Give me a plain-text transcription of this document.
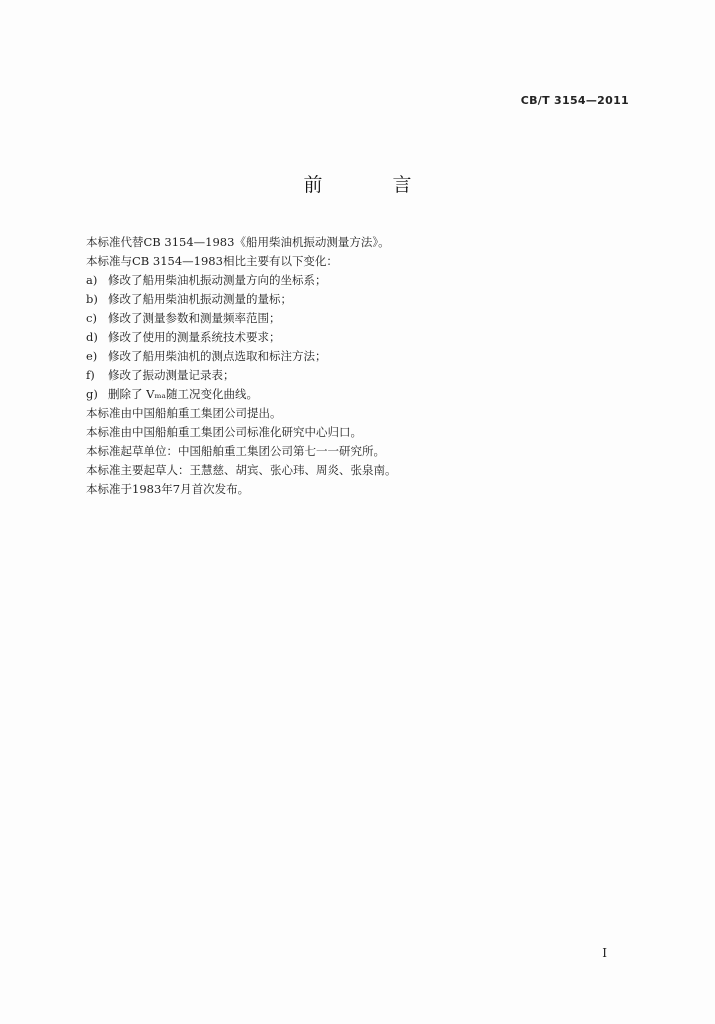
CB/T 3154—2011
前 言
本标准代替CB 3154—1983《船用柴油机振动测量方法》。
本标准与CB 3154—1983相比主要有以下变化：
a) 修改了船用柴油机振动测量方向的坐标系；
b) 修改了船用柴油机振动测量的量标；
c) 修改了测量参数和测量频率范围；
d) 修改了使用的测量系统技术要求；
e) 修改了船用柴油机的测点选取和标注方法；
f)	修改了振动测量记录表；
g) 删除了 Vₘₐ随工况变化曲线。
本标准由中国船舶重工集团公司提出。
本标准由中国船舶重工集团公司标准化研究中心归口。
本标准起草单位：中国船舶重工集团公司第七一一研究所。
本标准主要起草人：王慧慈、胡宾、张心玮、周炎、张泉南。
本标准于1983年7月首次发布。
I
